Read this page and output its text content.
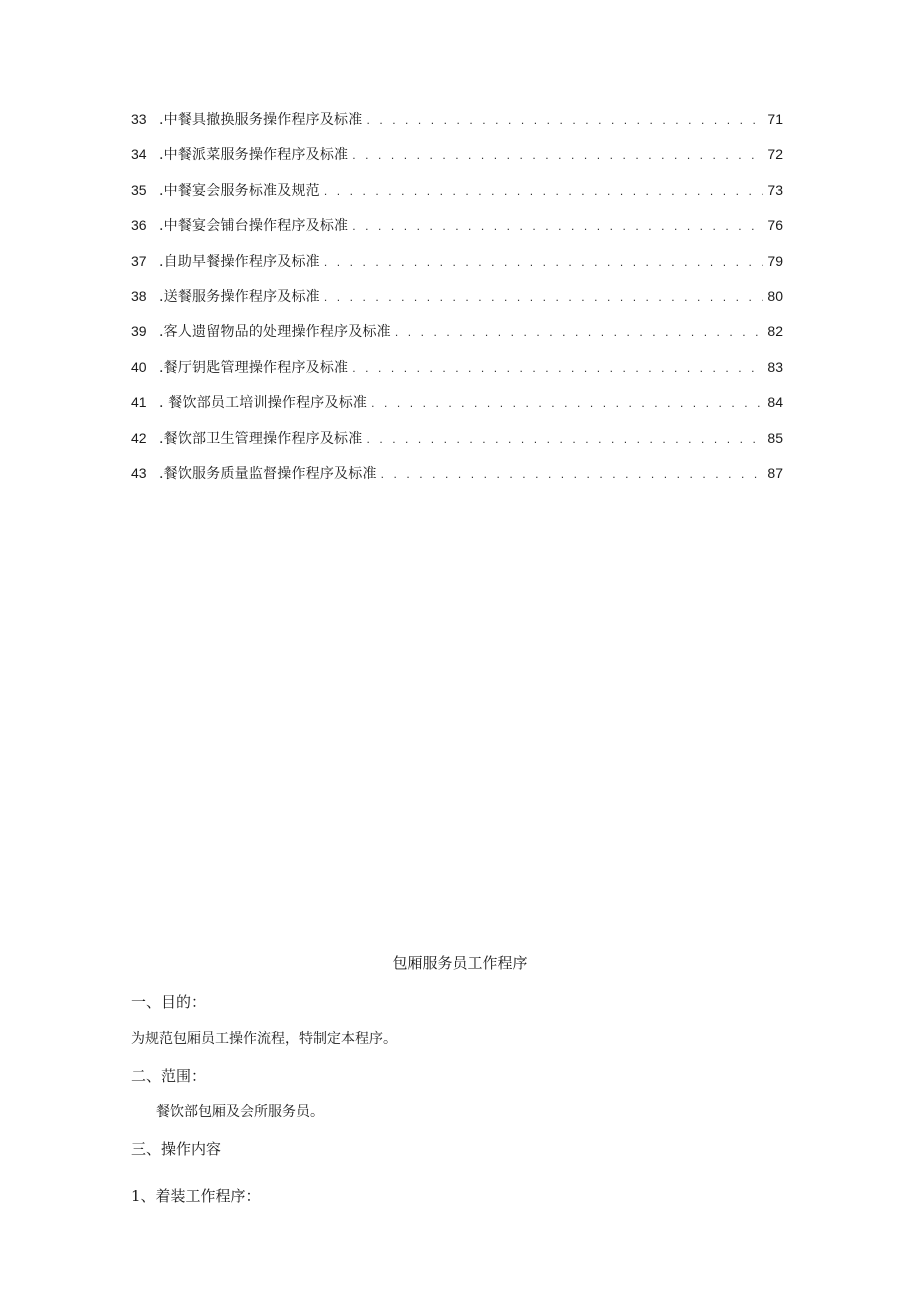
33 .中餐具撤换服务操作程序及标准 . . .	71
34 .中餐派菜服务操作程序及标准 . . .	72
35 .中餐宴会服务标准及规范 . . .	73
36 .中餐宴会铺台操作程序及标准 . . .	76
37 .自助早餐操作程序及标准 . . .	79
38 .送餐服务操作程序及标准 . . .	80
39 .客人遗留物品的处理操作程序及标准 . . .	82
40 .餐厅钥匙管理操作程序及标准 . . .	83
41 . 餐饮部员工培训操作程序及标准 . . .	84
42 .餐饮部卫生管理操作程序及标准 . . .	85
43 .餐饮服务质量监督操作程序及标准 . . .	87
包厢服务员工作程序
一、目的：
为规范包厢员工操作流程，特制定本程序。
二、范围：
餐饮部包厢及会所服务员。
三、操作内容
1、着装工作程序：
